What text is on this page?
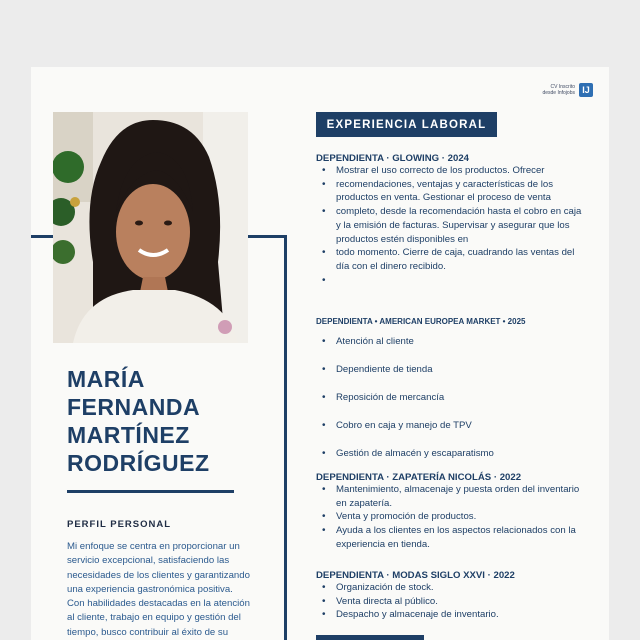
CV Inscrito
desde Infojobs IJ
MARÍA
FERNANDA
MARTÍNEZ
RODRÍGUEZ
PERFIL PERSONAL
Mi enfoque se centra en proporcionar un
servicio excepcional, satisfaciendo las
necesidades de los clientes y garantizando
una experiencia gastronómica positiva.
Con habilidades destacadas en la atención
al cliente, trabajo en equipo y gestión del
tiempo, busco contribuir al éxito de su
EXPERIENCIA LABORAL
DEPENDIENTA · GLOWING · 2024
• Mostrar el uso correcto de los productos. Ofrecer
• recomendaciones, ventajas y características de los productos en venta. Gestionar el proceso de venta
• completo, desde la recomendación hasta el cobro en caja y la emisión de facturas. Supervisar y asegurar que los productos estén disponibles en
• todo momento. Cierre de caja, cuadrando las ventas del día con el dinero recibido.
•

DEPENDIENTA • AMERICAN EUROPEA MARKET • 2025
• Atención al cliente
• Dependiente de tienda
• Reposición de mercancía
• Cobro en caja y manejo de TPV
• Gestión de almacén y escaparatismo
DEPENDIENTA · ZAPATERÍA NICOLÁS · 2022
• Mantenimiento, almacenaje y puesta orden del inventario en zapatería.
• Venta y promoción de productos.
• Ayuda a los clientes en los aspectos relacionados con la experiencia en tienda.
DEPENDIENTA · MODAS SIGLO XXVI · 2022
• Organización de stock.
• Venta directa al público.
• Despacho y almacenaje de inventario.
